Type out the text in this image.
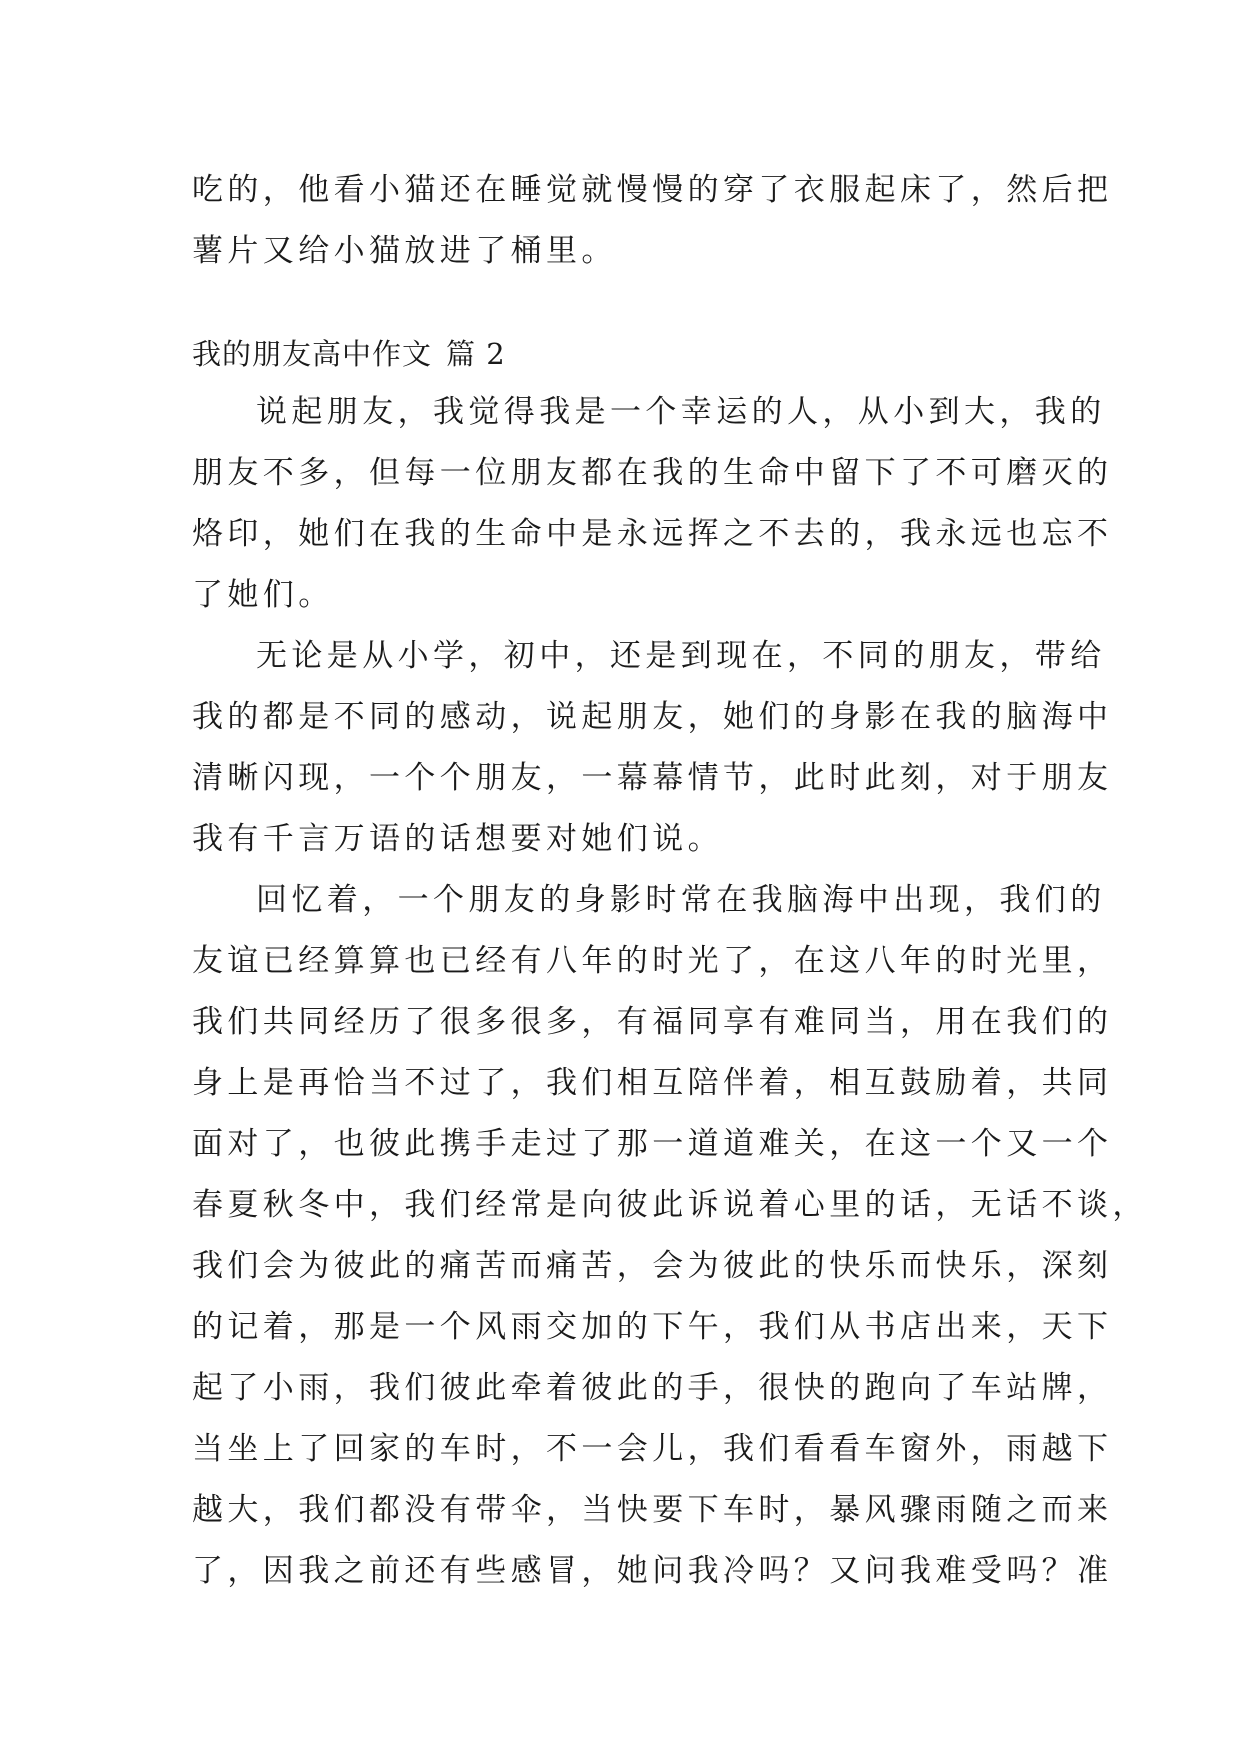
吃的，他看小猫还在睡觉就慢慢的穿了衣服起床了，然后把
薯片又给小猫放进了桶里。
我的朋友高中作文 篇 2
说起朋友，我觉得我是一个幸运的人，从小到大，我的
朋友不多，但每一位朋友都在我的生命中留下了不可磨灭的
烙印，她们在我的生命中是永远挥之不去的，我永远也忘不
了她们。
无论是从小学，初中，还是到现在，不同的朋友，带给
我的都是不同的感动，说起朋友，她们的身影在我的脑海中
清晰闪现，一个个朋友，一幕幕情节，此时此刻，对于朋友
我有千言万语的话想要对她们说。
回忆着，一个朋友的身影时常在我脑海中出现，我们的
友谊已经算算也已经有八年的时光了，在这八年的时光里，
我们共同经历了很多很多，有福同享有难同当，用在我们的
身上是再恰当不过了，我们相互陪伴着，相互鼓励着，共同
面对了，也彼此携手走过了那一道道难关，在这一个又一个
春夏秋冬中，我们经常是向彼此诉说着心里的话，无话不谈，
我们会为彼此的痛苦而痛苦，会为彼此的快乐而快乐，深刻
的记着，那是一个风雨交加的下午，我们从书店出来，天下
起了小雨，我们彼此牵着彼此的手，很快的跑向了车站牌，
当坐上了回家的车时，不一会儿，我们看看车窗外，雨越下
越大，我们都没有带伞，当快要下车时，暴风骤雨随之而来
了，因我之前还有些感冒，她问我冷吗？又问我难受吗？准
